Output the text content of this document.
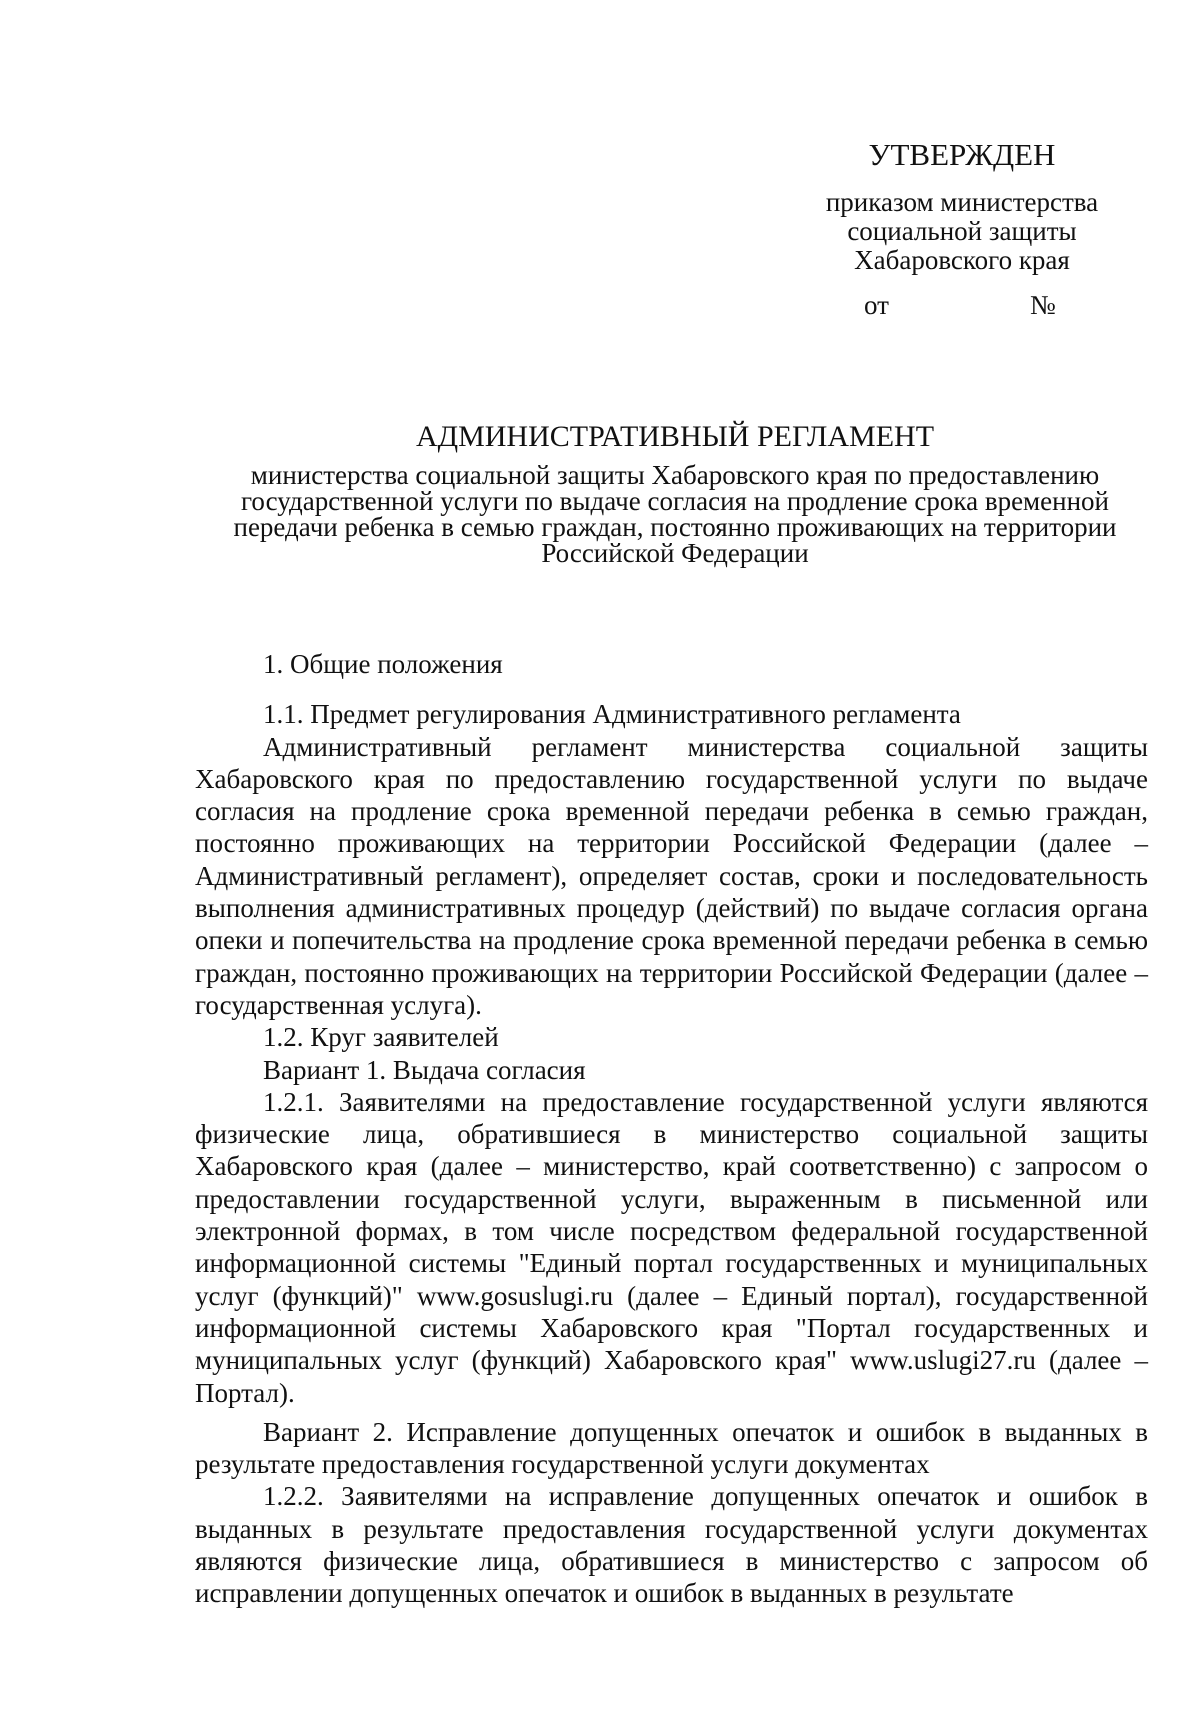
УТВЕРЖДЕН
приказом министерства
социальной защиты
Хабаровского края
от	№
АДМИНИСТРАТИВНЫЙ РЕГЛАМЕНТ
министерства социальной защиты Хабаровского края по предоставлению
государственной услуги по выдаче согласия на продление срока временной
передачи ребенка в семью граждан, постоянно проживающих на территории
Российской Федерации

1. Общие положения

1.1. Предмет регулирования Административного регламента

Административный регламент министерства социальной защиты Хабаровского края по предоставлению государственной услуги по выдаче согласия на продление срока временной передачи ребенка в семью граждан, постоянно проживающих на территории Российской Федерации (далее – Административный регламент), определяет состав, сроки и последовательность выполнения административных процедур (действий) по выдаче согласия органа опеки и попечительства на продление срока временной передачи ребенка в семью граждан, постоянно проживающих на территории Российской Федерации (далее – государственная услуга).

1.2. Круг заявителей

Вариант 1. Выдача согласия

1.2.1. Заявителями на предоставление государственной услуги являются физические лица, обратившиеся в министерство социальной защиты Хабаровского края (далее – министерство, край соответственно) с запросом о предоставлении государственной услуги, выраженным в письменной или электронной формах, в том числе посредством федеральной государственной информационной системы "Единый портал государственных и муниципальных услуг (функций)" www.gosuslugi.ru (далее – Единый портал), государственной информационной системы Хабаровского края "Портал государственных и муниципальных услуг (функций) Хабаровского края" www.uslugi27.ru (далее – Портал).

Вариант 2. Исправление допущенных опечаток и ошибок в выданных в результате предоставления государственной услуги документах

1.2.2. Заявителями на исправление допущенных опечаток и ошибок в выданных в результате предоставления государственной услуги документах являются физические лица, обратившиеся в министерство с запросом об исправлении допущенных опечаток и ошибок в выданных в результате
